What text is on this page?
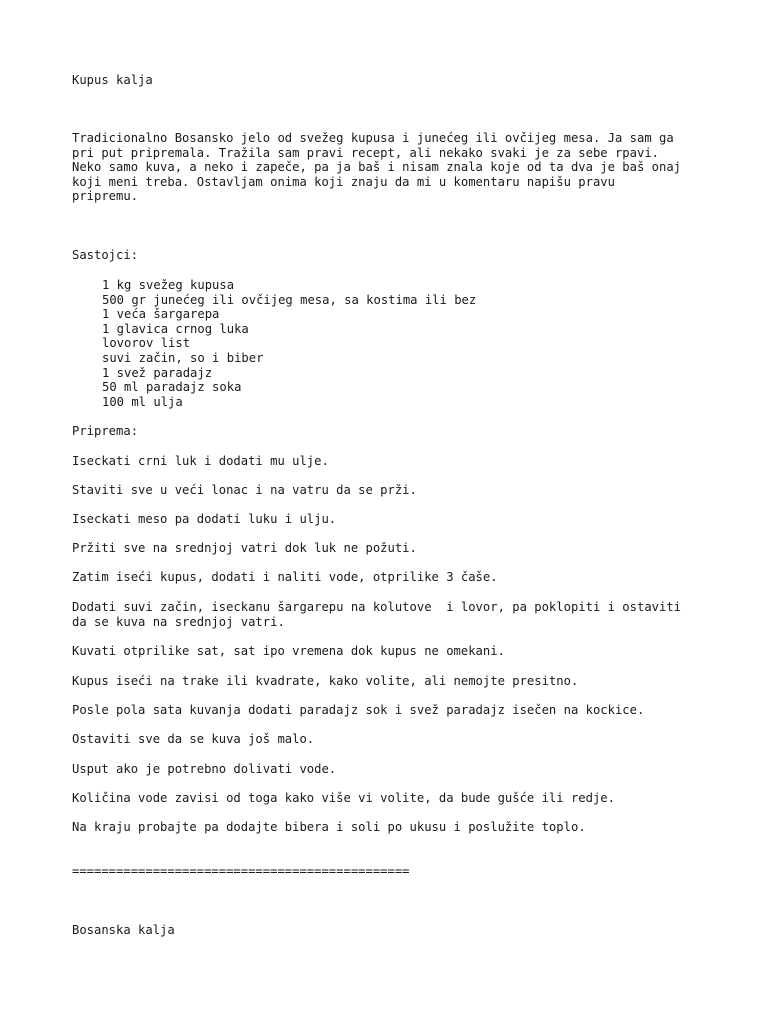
Kupus kalja
Tradicionalno Bosansko jelo od svežeg kupusa i junećeg ili ovčijeg mesa. Ja sam ga
pri put pripremala. Tražila sam pravi recept, ali nekako svaki je za sebe rpavi.
Neko samo kuva, a neko i zapeče, pa ja baš i nisam znala koje od ta dva je baš onaj
koji meni treba. Ostavljam onima koji znaju da mi u komentaru napišu pravu
pripremu.
Sastojci:
1 kg svežeg kupusa
500 gr junećeg ili ovčijeg mesa, sa kostima ili bez
1 veća šargarepa
1 glavica crnog luka
lovorov list
suvi začin, so i biber
1 svež paradajz
50 ml paradajz soka
100 ml ulja
Priprema:
Iseckati crni luk i dodati mu ulje.
Staviti sve u veći lonac i na vatru da se prži.
Iseckati meso pa dodati luku i ulju.
Pržiti sve na srednjoj vatri dok luk ne požuti.
Zatim iseći kupus, dodati i naliti vode, otprilike 3 čaše.
Dodati suvi začin, iseckanu šargarepu na kolutove  i lovor, pa poklopiti i ostaviti
da se kuva na srednjoj vatri.
Kuvati otprilike sat, sat ipo vremena dok kupus ne omekani.
Kupus iseći na trake ili kvadrate, kako volite, ali nemojte presitno.
Posle pola sata kuvanja dodati paradajz sok i svež paradajz isečen na kockice.
Ostaviti sve da se kuva još malo.
Usput ako je potrebno dolivati vode.
Količina vode zavisi od toga kako više vi volite, da bude gušće ili redje.
Na kraju probajte pa dodajte bibera i soli po ukusu i poslužite toplo.
==============================================
Bosanska kalja
